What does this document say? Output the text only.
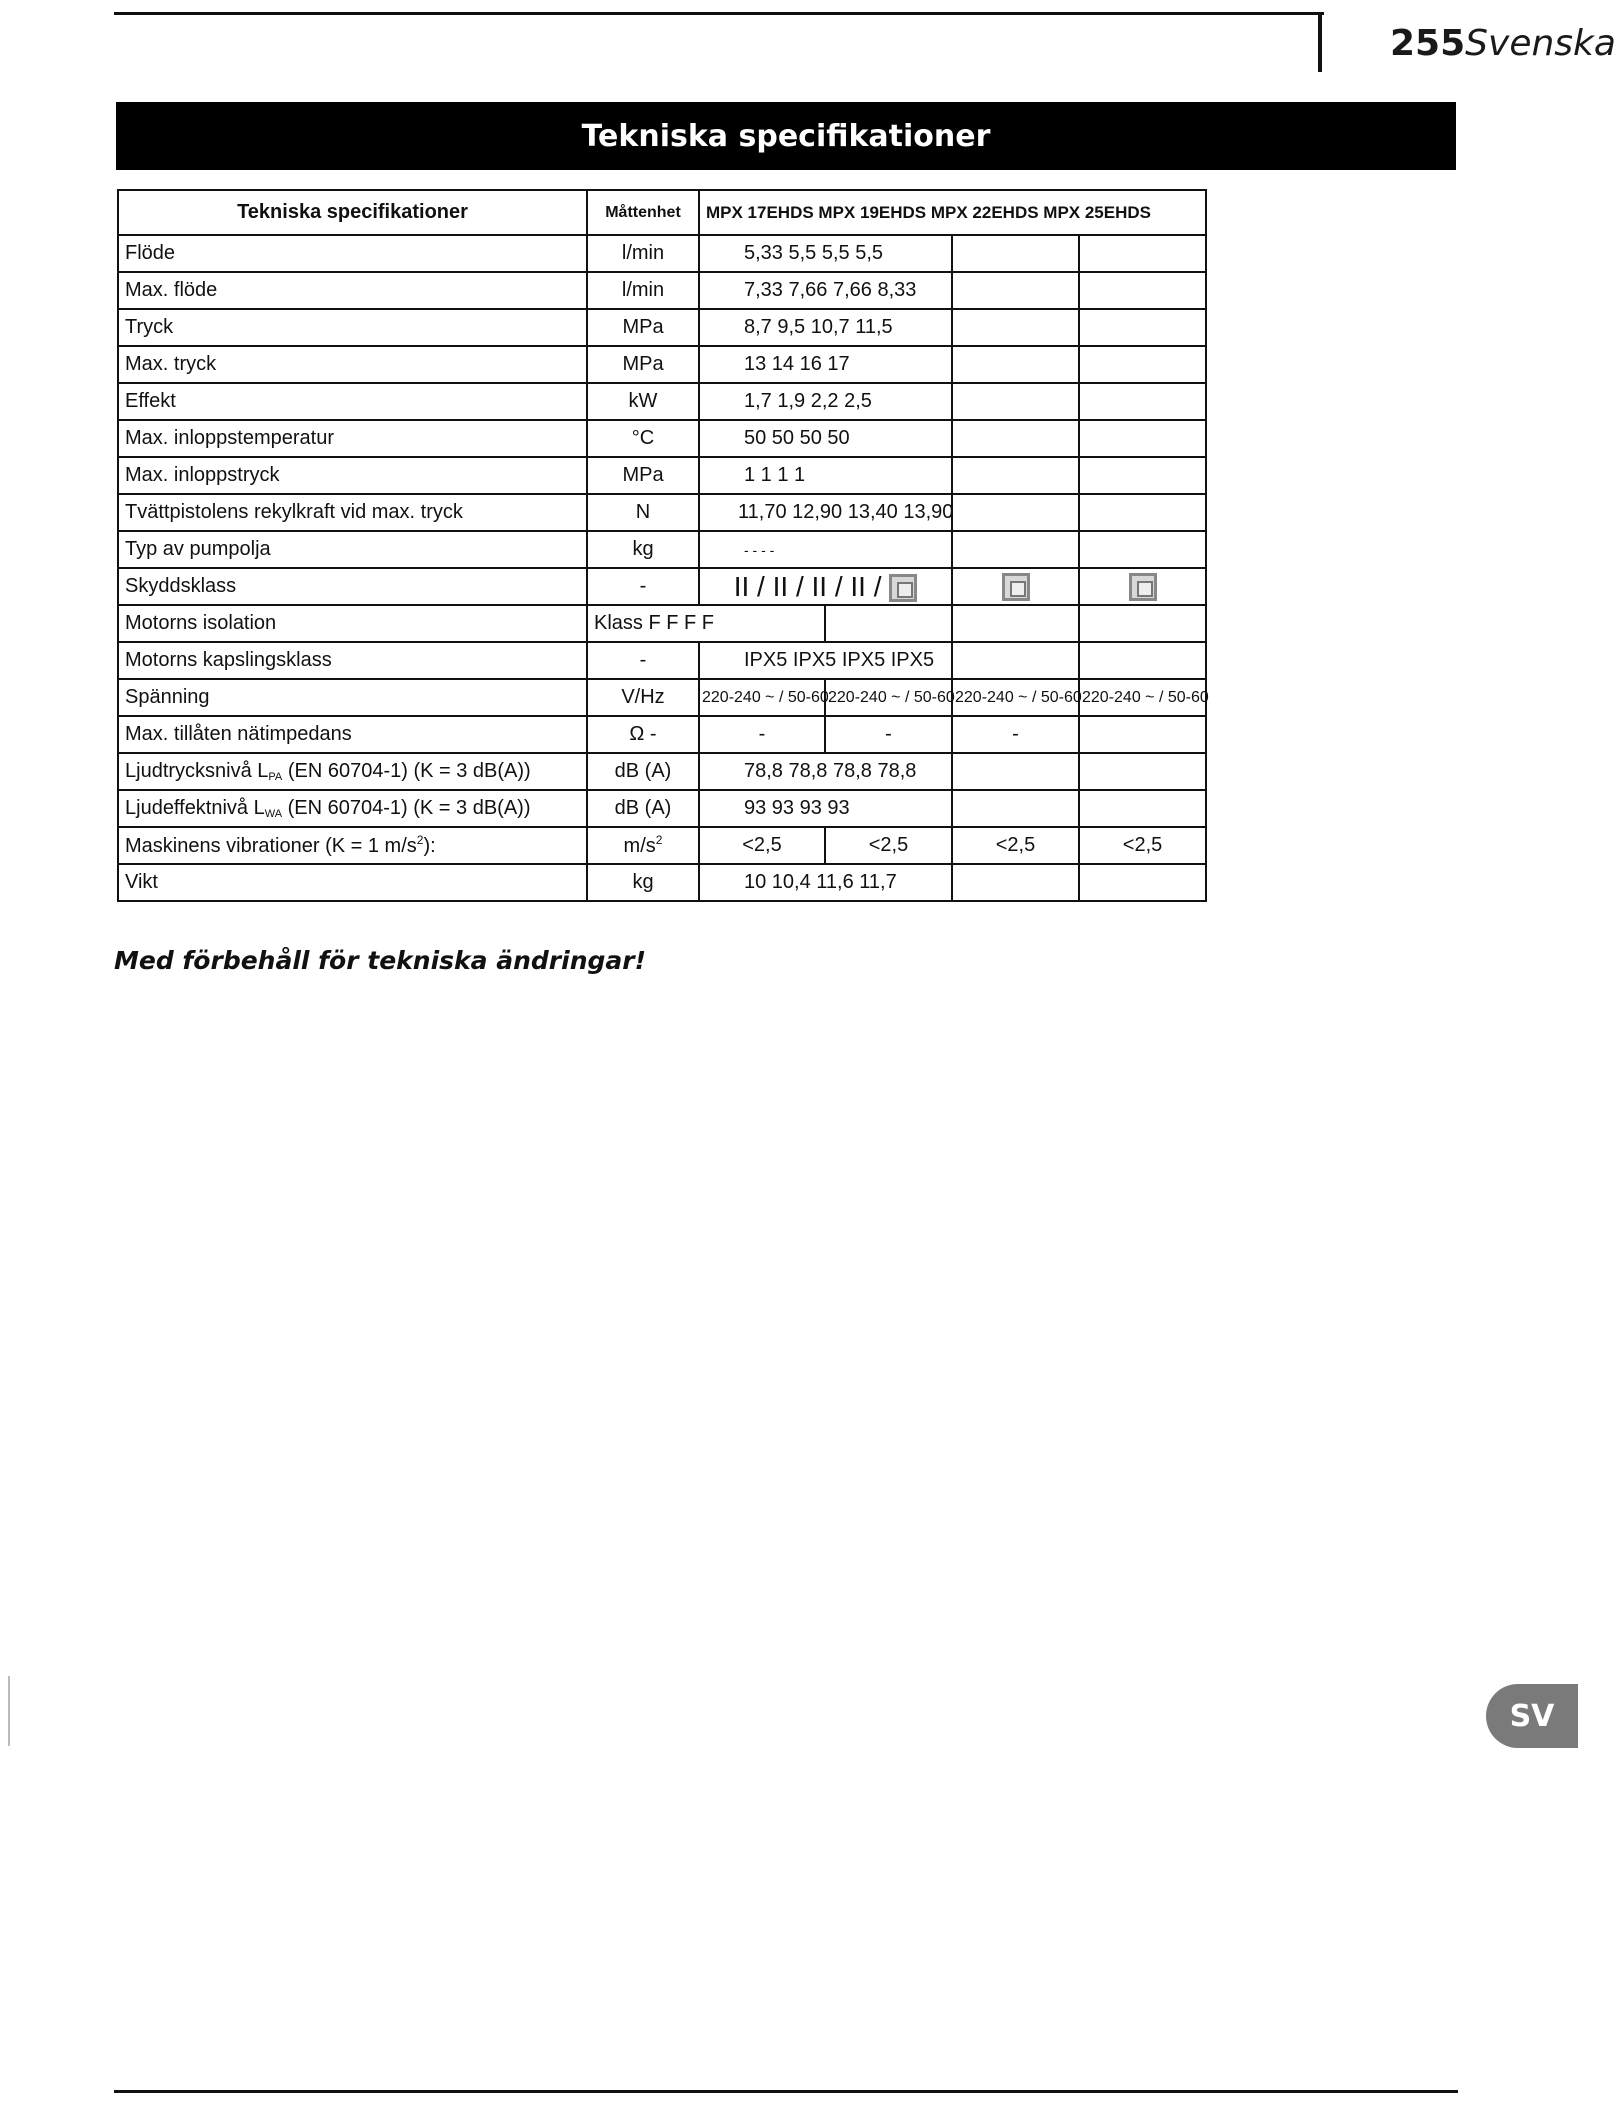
255Svenska
Tekniska specifikationer
Tekniska specifikationer	Måttenhet	MPX 17EHDS MPX 19EHDS MPX 22EHDS MPX 25EHDS			
Flöde	l/min	5,33 5,5 5,5 5,5			
Max. flöde	l/min	7,33 7,66 7,66 8,33			
Tryck	MPa	8,7 9,5 10,7 11,5			
Max. tryck	MPa	13 14 16 17			
Effekt	kW	1,7 1,9 2,2 2,5			
Max. inloppstemperatur	°C	50 50 50 50			
Max. inloppstryck	MPa	1 1 1 1			
Tvättpistolens rekylkraft vid max. tryck	N	11,70 12,90 13,40 13,90			
Typ av pumpolja	kg	- - - -			
Skyddsklass	-	II / II / II / II /			
Motorns isolation	Klass F F F F				
Motorns kapslingsklass	-	IPX5 IPX5 IPX5 IPX5			
Spänning	V/Hz	220-240 ~ / 50-60	220-240 ~ / 50-60	220-240 ~ / 50-60	220-240 ~ / 50-60
Max. tillåten nätimpedans	Ω -	-	-	-	
Ljudtrycksnivå $L_{PA}$ (EN 60704-1) (K = 3 dB(A))	dB (A)	78,8 78,8 78,8 78,8			
Ljudeffektnivå $L_{WA}$ (EN 60704-1) (K = 3 dB(A))	dB (A)	93 93 93 93			
Maskinens vibrationer (K = 1 $m/s^2$):	$m/s^2$	<2,5	<2,5	<2,5	<2,5
Vikt	kg	10 10,4 11,6 11,7			
Med förbehåll för tekniska ändringar!
SV
